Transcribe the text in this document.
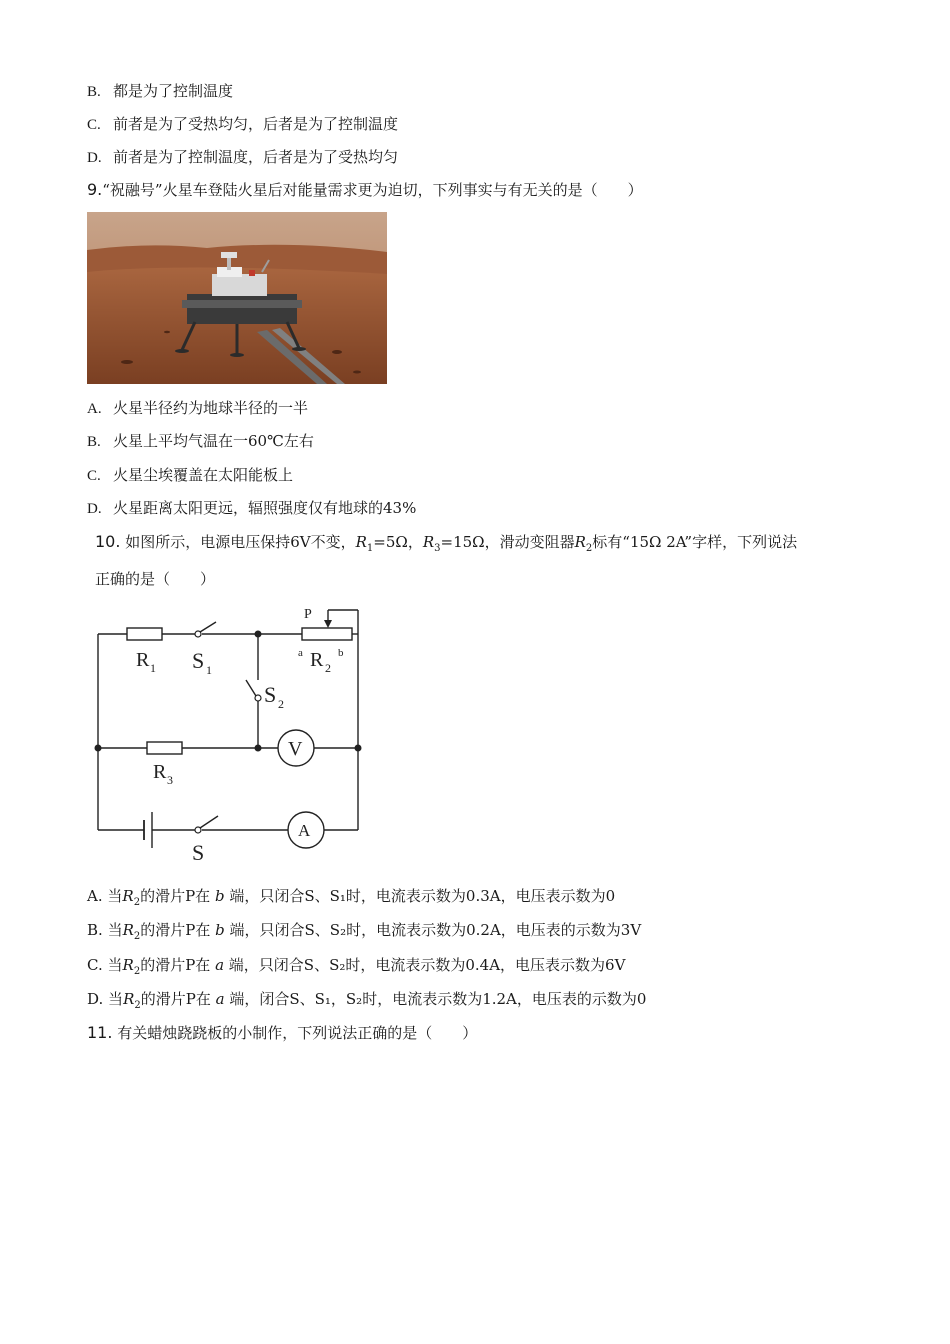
B. 都是为了控制温度
C. 前者是为了受热均匀，后者是为了控制温度
D. 前者是为了控制温度，后者是为了受热均匀
9.“祝融号”火星车登陆火星后对能量需求更为迫切，下列事实与有无关的是（　　）
A. 火星半径约为地球半径的一半
B. 火星上平均气温在一60℃左右
C. 火星尘埃覆盖在太阳能板上
D. 火星距离太阳更远，辐照强度仅有地球的43%
10. 如图所示，电源电压保持6V不变，$R_1=5\Omega$，$R_3=15\Omega$，滑动变阻器$R_2$标有“15Ω 2A”字样，下列说法
正确的是（　　）
R 1 S 1
P
a R 2
b
S 2
V
R 3
S
A
A. 当$R_2$的滑片P在 b 端，只闭合S、S₁时，电流表示数为0.3A，电压表示数为0
B. 当$R_2$的滑片P在 b 端，只闭合S、S₂时，电流表示数为0.2A，电压表的示数为3V
C. 当$R_2$的滑片P在 a 端，只闭合S、S₂时，电流表示数为0.4A，电压表示数为6V
D. 当$R_2$的滑片P在 a 端，闭合S、S₁，S₂时，电流表示数为1.2A，电压表的示数为0
11. 有关蜡烛跷跷板的小制作，下列说法正确的是（　　）
